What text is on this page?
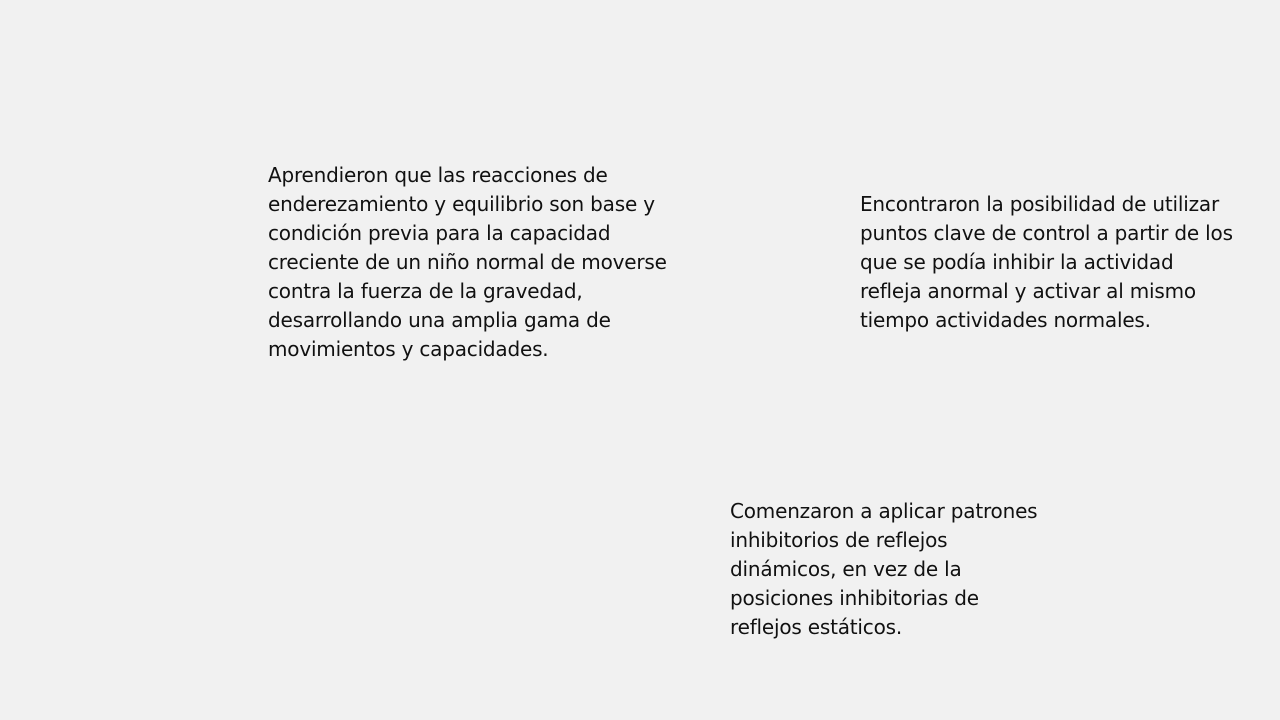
Aprendieron que las reacciones de enderezamiento y equilibrio son base y condición previa para la capacidad creciente de un niño normal de moverse contra la fuerza de la gravedad, desarrollando una amplia gama de movimientos y capacidades.

Encontraron la posibilidad de utilizar puntos clave de control a partir de los que se podía inhibir la actividad refleja anormal y activar al mismo tiempo actividades normales.

Comenzaron a aplicar patrones inhibitorios de reflejos dinámicos, en vez de la posiciones inhibitorias de reflejos estáticos.
